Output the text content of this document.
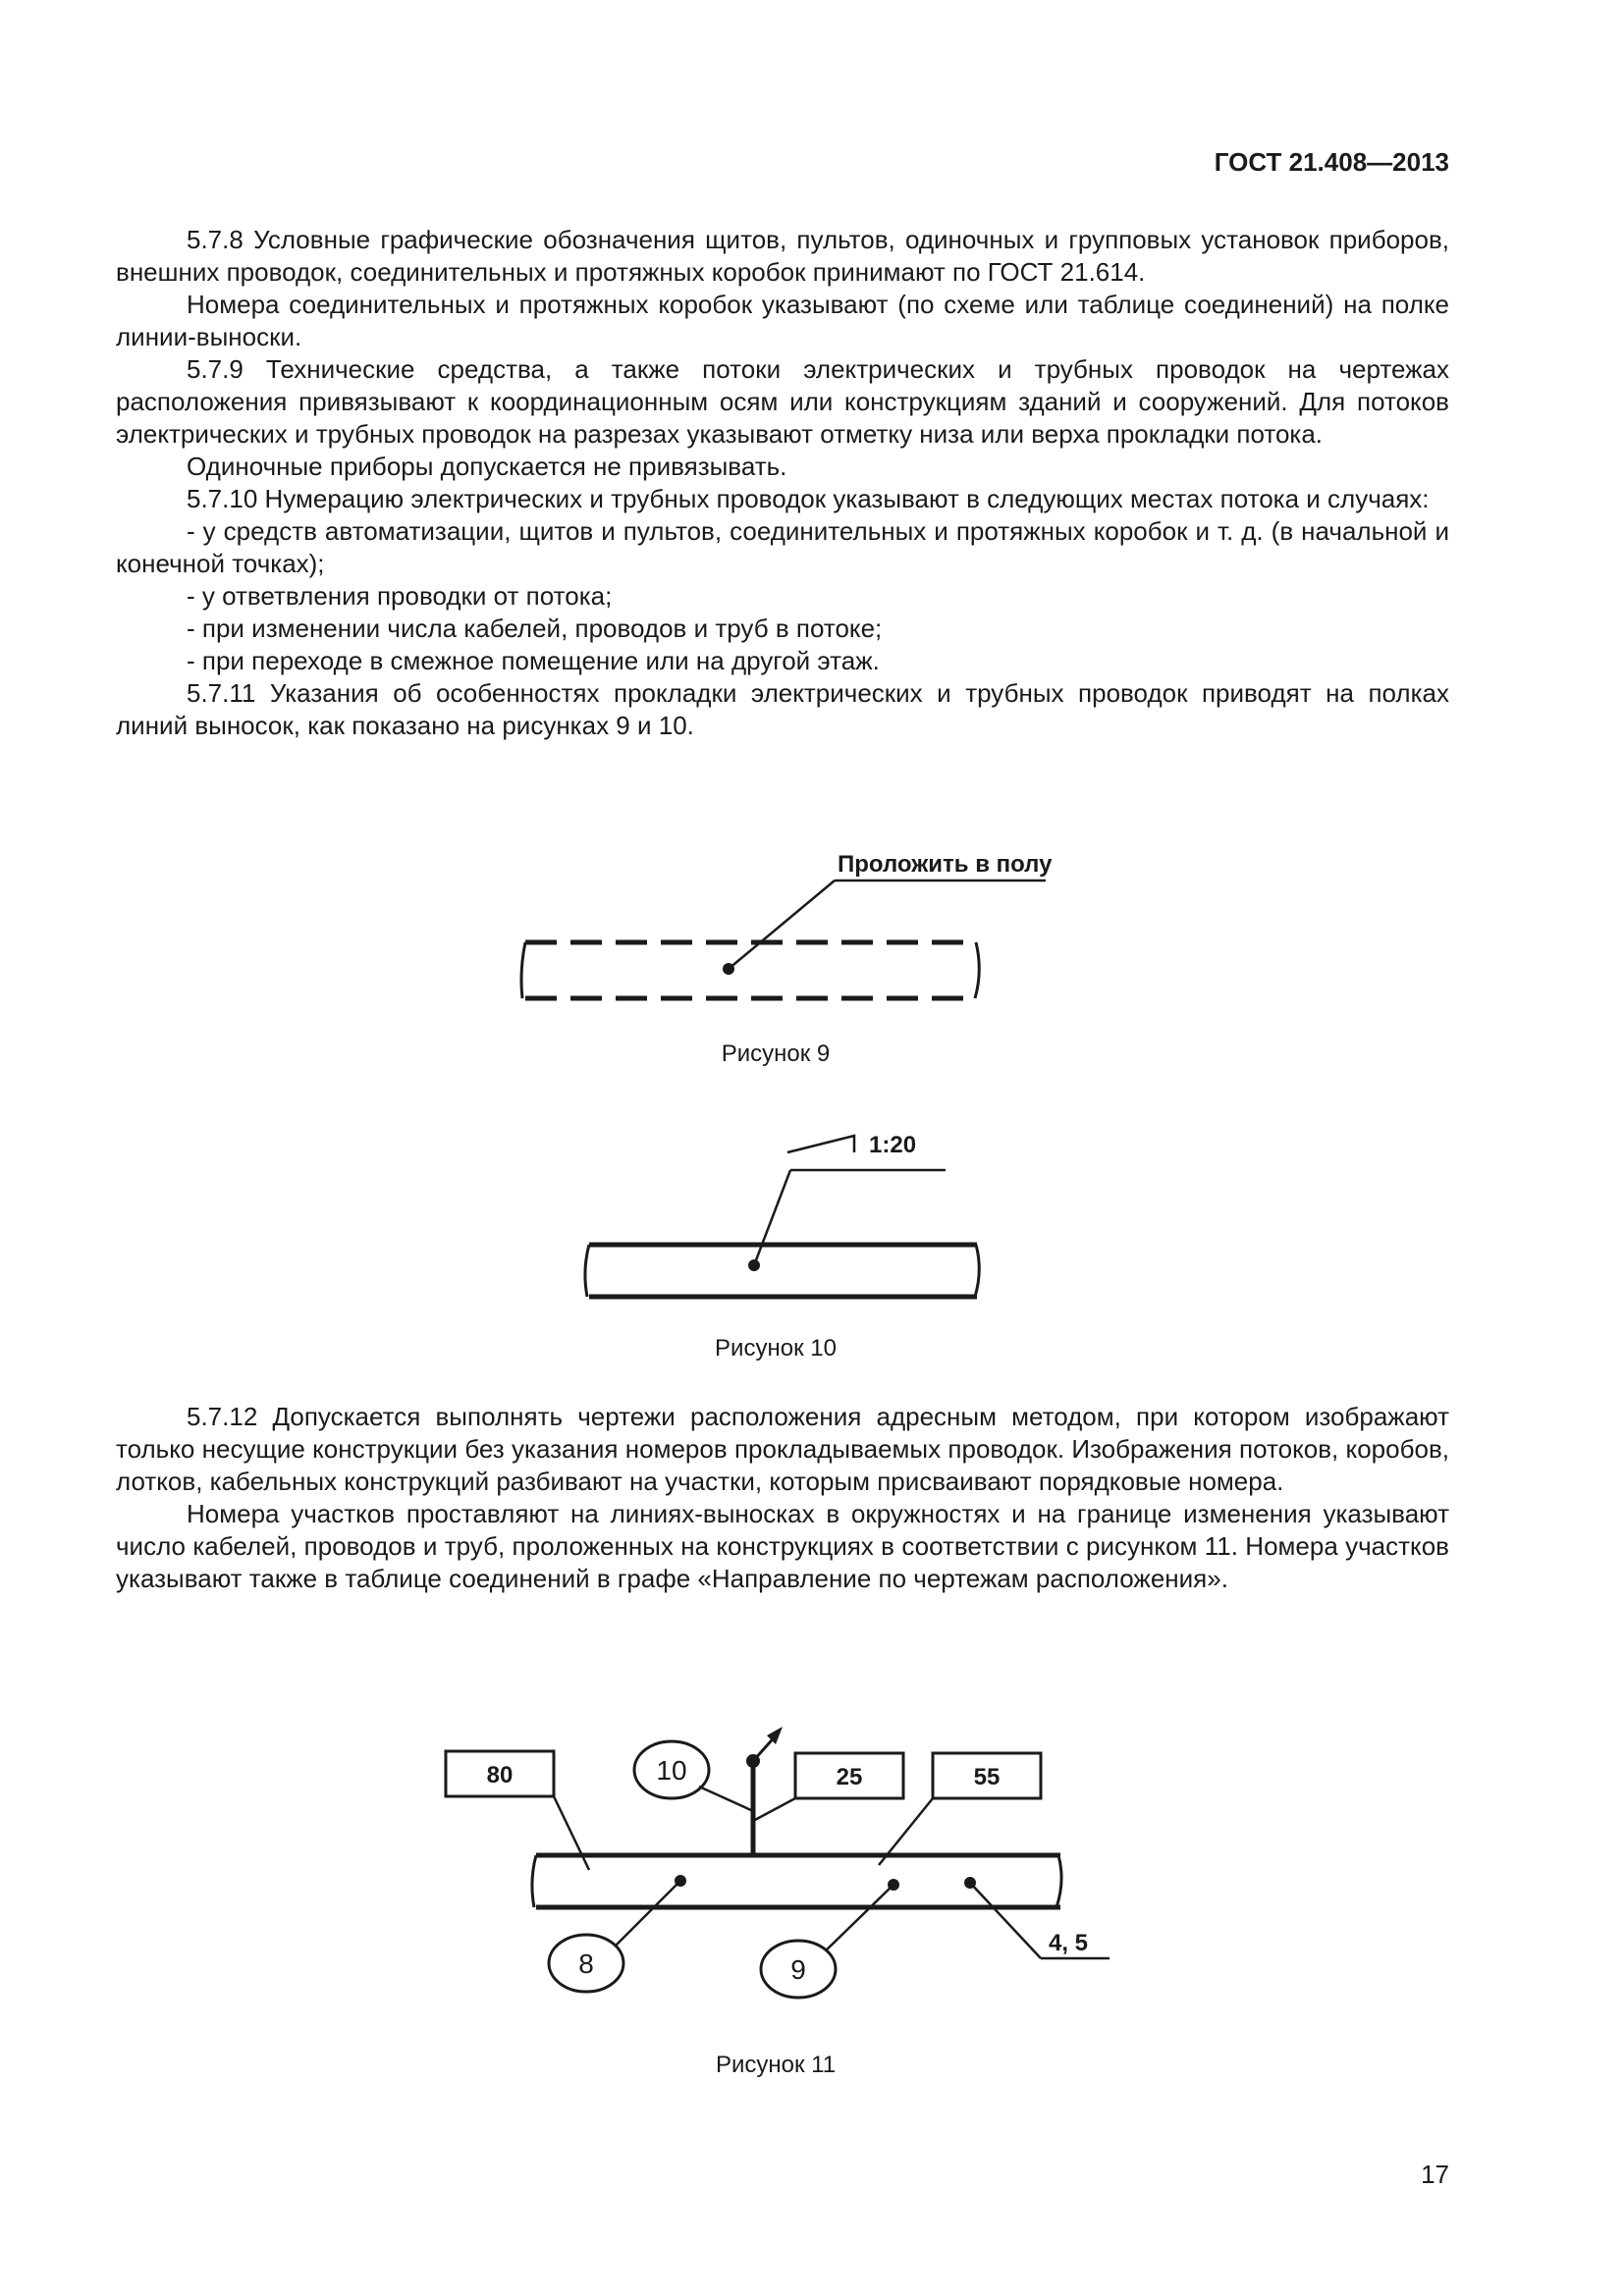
ГОСТ 21.408—2013

5.7.8 Условные графические обозначения щитов, пультов, одиночных и групповых установок приборов, внешних проводок, соединительных и протяжных коробок принимают по ГОСТ 21.614.

Номера соединительных и протяжных коробок указывают (по схеме или таблице соединений) на полке линии-выноски.

5.7.9 Технические средства, а также потоки электрических и трубных проводок на чертежах расположения привязывают к координационным осям или конструкциям зданий и сооружений. Для потоков электрических и трубных проводок на разрезах указывают отметку низа или верха прокладки потока.

Одиночные приборы допускается не привязывать.

5.7.10 Нумерацию электрических и трубных проводок указывают в следующих местах потока и случаях:

- у средств автоматизации, щитов и пультов, соединительных и протяжных коробок и т. д. (в начальной и конечной точках);

- у ответвления проводки от потока;

- при изменении числа кабелей, проводов и труб в потоке;

- при переходе в смежное помещение или на другой этаж.

5.7.11 Указания об особенностях прокладки электрических и трубных проводок приводят на полках линий выносок, как показано на рисунках 9 и 10.

Проложить в полу
Рисунок 9
1:20
Рисунок 10

5.7.12 Допускается выполнять чертежи расположения адресным методом, при котором изображают только несущие конструкции без указания номеров прокладываемых проводок. Изображения потоков, коробов, лотков, кабельных конструкций разбивают на участки, которым присваивают порядковые номера.

Номера участков проставляют на линиях-выносках в окружностях и на границе изменения указывают число кабелей, проводов и труб, проложенных на конструкциях в соответствии с рисунком 11. Номера участков указывают также в таблице соединений в графе «Направление по чертежам расположения».

80	10	25	55
8	9
4, 5
Рисунок 11
17
